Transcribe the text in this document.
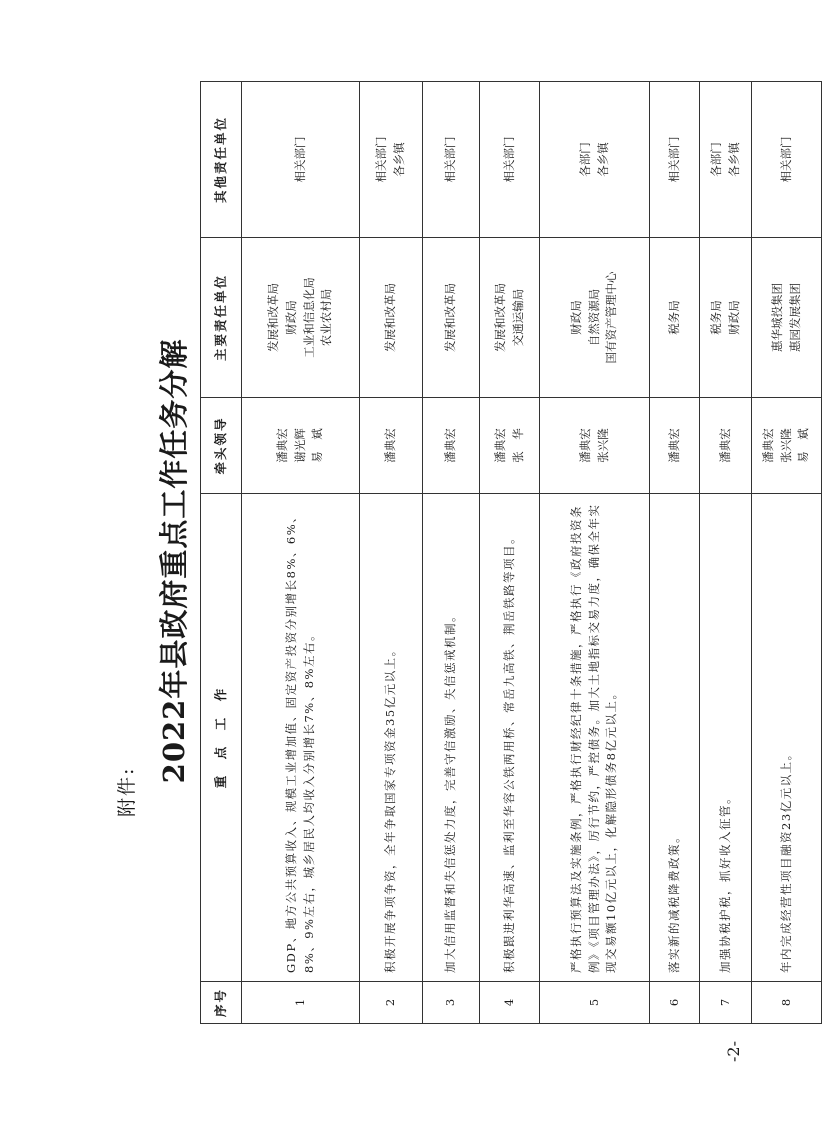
附件:
-2-
2022年县政府重点工作任务分解
序号	重　点　工　作	牵头领导	主要责任单位	其他责任单位
1	GDP、地方公共预算收入、规模工业增加值、固定资产投资分别增长8%、6%、8%、9%左右，城乡居民人均收入分别增长7%、8%左右。	潘典宏
谢光辉
易　斌	发展和改革局
财政局
工业和信息化局
农业农村局	相关部门
2	积极开展争项争资，全年争取国家专项资金35亿元以上。	潘典宏	发展和改革局	相关部门
各乡镇
3	加大信用监督和失信惩处力度，完善守信激励、失信惩戒机制。	潘典宏	发展和改革局	相关部门
4	积极跟进利华高速、监利至华容公铁两用桥、常岳九高铁、荆岳铁路等项目。	潘典宏
张　华	发展和改革局
交通运输局	相关部门
5	严格执行预算法及实施条例，严格执行财经纪律十条措施，严格执行《政府投资条例》《项目管理办法》，厉行节约，严控债务。加大土地指标交易力度，确保全年实现交易额10亿元以上，化解隐形债务8亿元以上。	潘典宏
张兴隆	财政局
自然资源局
国有资产管理中心	各部门
各乡镇
6	落实新的减税降费政策。	潘典宏	税务局	相关部门
7	加强协税护税，抓好收入征管。	潘典宏	税务局
财政局	各部门
各乡镇
8	年内完成经营性项目融资23亿元以上。	潘典宏
张兴隆
易　斌	惠华城投集团
惠园发展集团	相关部门
